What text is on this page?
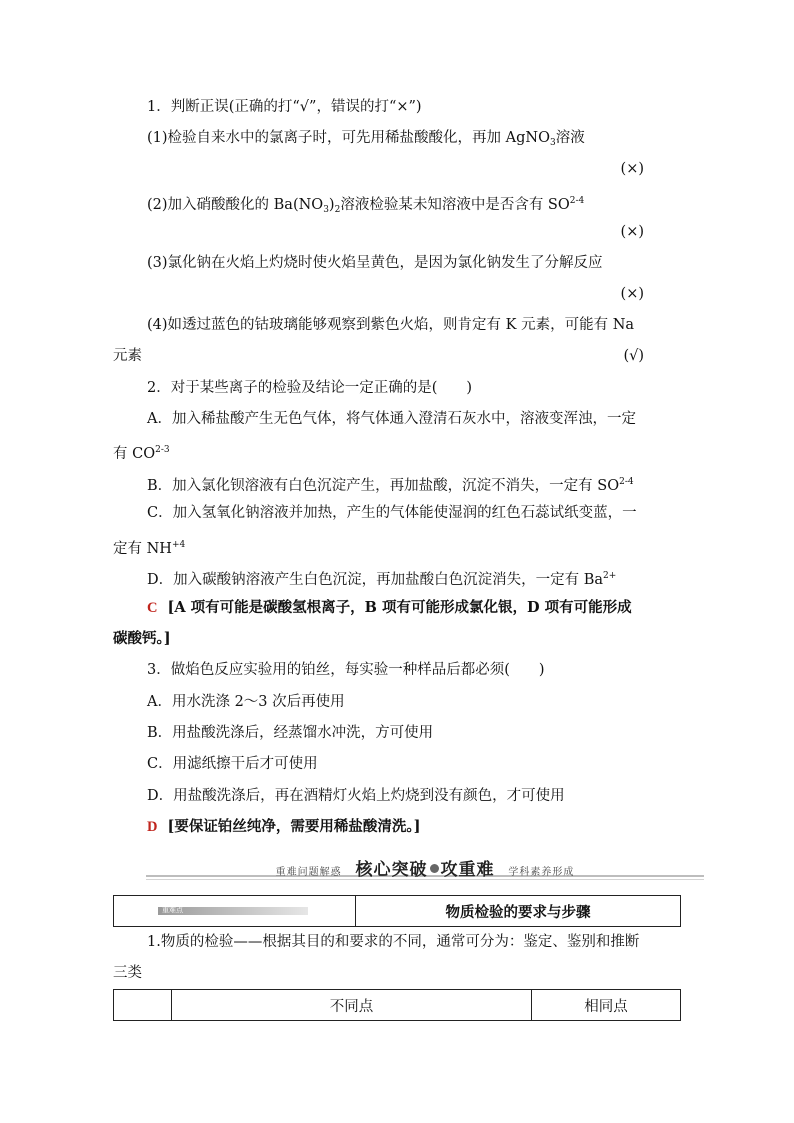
1．判断正误(正确的打“√”，错误的打“×”)
(1)检验自来水中的氯离子时，可先用稀盐酸酸化，再加 AgNO$_3$溶液
(×)
(2)加入硝酸酸化的 $Ba(NO_3)_2$溶液检验某未知溶液中是否含有 SO$^{2-4}$
(×)
(3)氯化钠在火焰上灼烧时使火焰呈黄色，是因为氯化钠发生了分解反应
(×)
(4)如透过蓝色的钴玻璃能够观察到紫色火焰，则肯定有 K 元素，可能有 Na
元素	(√)
2．对于某些离子的检验及结论一定正确的是(　　)
A．加入稀盐酸产生无色气体，将气体通入澄清石灰水中，溶液变浑浊，一定
有 CO$^{2-3}$
B．加入氯化钡溶液有白色沉淀产生，再加盐酸，沉淀不消失，一定有 SO$^{2-4}$
C．加入氢氧化钠溶液并加热，产生的气体能使湿润的红色石蕊试纸变蓝，一
定有 $NH^{+4}$
D．加入碳酸钠溶液产生白色沉淀，再加盐酸白色沉淀消失，一定有 $Ba^{2+}$
C [A 项有可能是碳酸氢根离子，B 项有可能形成氯化银，D 项有可能形成
碳酸钙。]
3．做焰色反应实验用的铂丝，每实验一种样品后都必须(　　)
A．用水洗涤 2～3 次后再使用
B．用盐酸洗涤后，经蒸馏水冲洗，方可使用
C．用滤纸擦干后才可使用
D．用盐酸洗涤后，再在酒精灯火焰上灼烧到没有颜色，才可使用
D [要保证铂丝纯净，需要用稀盐酸清洗。]
重难问题解惑 核心突破 攻重难 学科素养形成
重难点	物质检验的要求与步骤
1.物质的检验——根据其目的和要求的不同，通常可分为：鉴定、鉴别和推断
三类
不同点	相同点
